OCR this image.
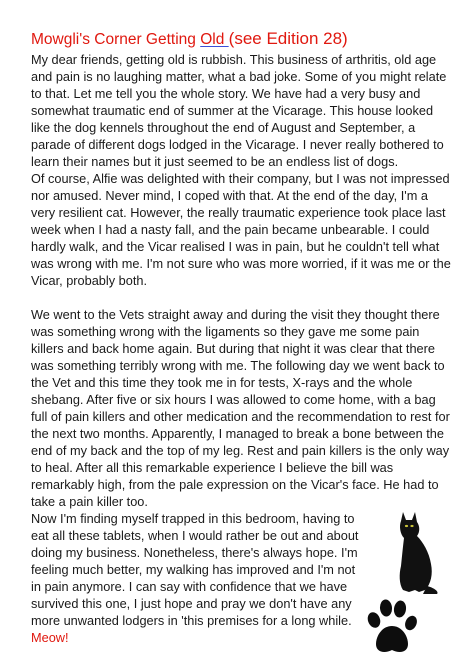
Mowgli's Corner Getting Old (see Edition 28)

My dear friends, getting old is rubbish. This business of arthritis, old age and pain is no laughing matter, what a bad joke. Some of you might relate to that. Let me tell you the whole story. We have had a very busy and somewhat traumatic end of summer at the Vicarage. This house looked like the dog kennels throughout the end of August and September, a parade of different dogs lodged in the Vicarage. I never really bothered to learn their names but it just seemed to be an endless list of dogs.

Of course, Alfie was delighted with their company, but I was not impressed nor amused. Never mind, I coped with that. At the end of the day, I'm a very resilient cat. However, the really traumatic experience took place last week when I had a nasty fall, and the pain became unbearable. I could hardly walk, and the Vicar realised I was in pain, but he couldn't tell what was wrong with me. I'm not sure who was more worried, if it was me or the Vicar, probably both.

We went to the Vets straight away and during the visit they thought there was something wrong with the ligaments so they gave me some pain killers and back home again. But during that night it was clear that there was something terribly wrong with me. The following day we went back to the Vet and this time they took me in for tests, X-rays and the whole shebang. After five or six hours I was allowed to come home, with a bag full of pain killers and other medication and the recommendation to rest for the next two months. Apparently, I managed to break a bone between the end of my back and the top of my leg. Rest and pain killers is the only way to heal. After all this remarkable experience I believe the bill was remarkably high, from the pale expression on the Vicar's face. He had to take a pain killer too.

Now I'm finding myself trapped in this bedroom, having to eat all these tablets, when I would rather be out and about doing my business. Nonetheless, there's always hope. I'm feeling much better, my walking has improved and I'm not in pain anymore. I can say with confidence that we have survived this one, I just hope and pray we don't have any more unwanted lodgers in 'this premises for a long while. Meow!
